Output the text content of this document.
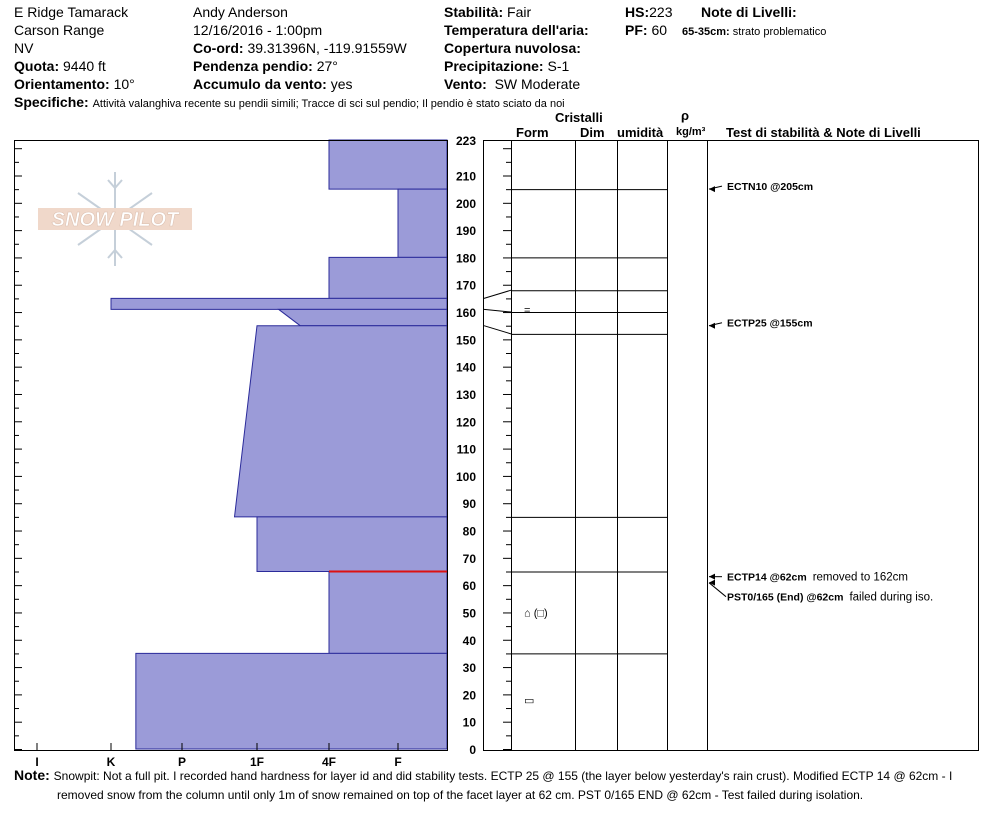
E Ridge Tamarack
Carson Range
NV
Quota: 9440 ft
Orientamento: 10°
Andy Anderson
12/16/2016 - 1:00pm
Co-ord: 39.31396N, -119.91559W
Pendenza pendio: 27°
Accumulo da vento: yes
Stabilità: Fair
Temperatura dell'aria:
Copertura nuvolosa:
Precipitazione: S-1
Vento: SW Moderate
HS:223
PF: 60
Note di Livelli:
65-35cm: strato problematico
Specifiche: Attività valanghiva recente su pendii simili; Tracce di sci sul pendio; Il pendio è stato sciato da noi
Cristalli
Form Dim umidità
ρ
kg/m³ Test di stabilità & Note di Livelli
SNOW PILOT
I	K	P	1F	4F	F
223
210
200
190
180
170
160
150
140
130
120
110
100
90
80
70
60
50
40
30
20
10
0
=
⌂ (□)
▭
ECTN10 @205cm
ECTP25 @155cm
ECTP14 @62cm removed to 162cm
PST0/165 (End) @62cm failed during iso.
Note: Snowpit: Not a full pit. I recorded hand hardness for layer id and did stability tests. ECTP 25 @ 155 (the layer below yesterday's rain crust). Modified ECTP 14 @ 62cm - I
removed snow from the column until only 1m of snow remained on top of the facet layer at 62 cm. PST 0/165 END @ 62cm - Test failed during isolation.
